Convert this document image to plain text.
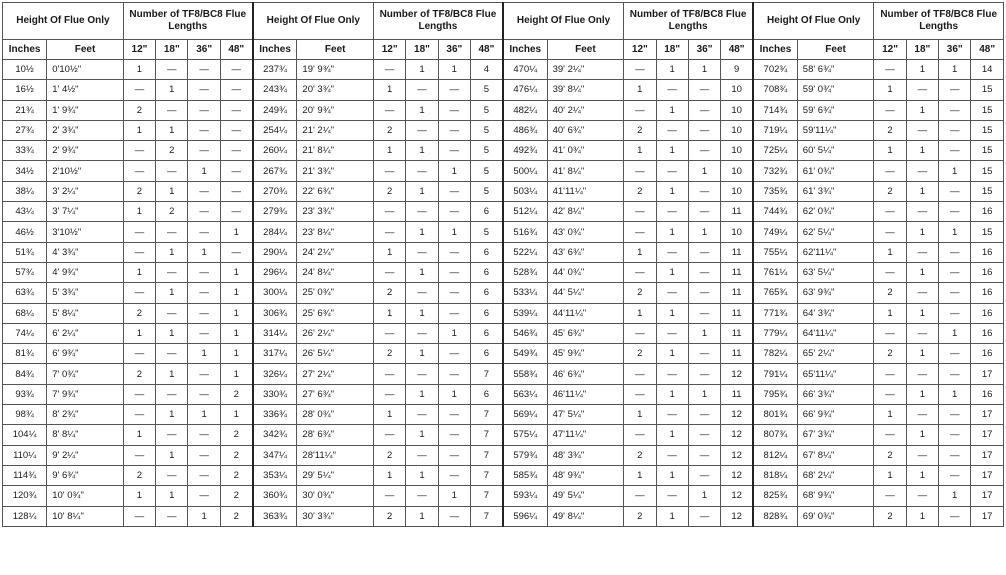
Height Of Flue Only		Number of TF8/BC8 Flue Lengths				Height Of Flue Only		Number of TF8/BC8 Flue Lengths				Height Of Flue Only		Number of TF8/BC8 Flue Lengths				Height Of Flue Only		Number of TF8/BC8 Flue Lengths			
Inches	Feet	12"	18"	36"	48"	Inches	Feet	12"	18"	36"	48"	Inches	Feet	12"	18"	36"	48"	Inches	Feet	12"	18"	36"	48"
10½	0'10½"	1	—	—	—	237¾	19' 9¾"	—	1	1	4	470¼	39' 2¼"	—	1	1	9	702¾	58' 6¾"	—	1	1	14
16½	1' 4½"	—	1	—	—	243¾	20' 3¾"	1	—	—	5	476¼	39' 8¼"	1	—	—	10	708¾	59' 0¾"	1	—	—	15
21¾	1' 9¾"	2	—	—	—	249¾	20' 9¾"	—	1	—	5	482¼	40' 2¼"	—	1	—	10	714¾	59' 6¾"	—	1	—	15
27¾	2' 3¾"	1	1	—	—	254¼	21' 2¼"	2	—	—	5	486¾	40' 6¾"	2	—	—	10	719¼	59'11¼"	2	—	—	15
33¾	2' 9¾"	—	2	—	—	260¼	21' 8¼"	1	1	—	5	492¾	41' 0¾"	1	1	—	10	725¼	60' 5¼"	1	1	—	15
34½	2'10½"	—	—	1	—	267¾	21' 3¾"	—	—	1	5	500¼	41' 8¼"	—	—	1	10	732¾	61' 0¾"	—	—	1	15
38¼	3' 2¼"	2	1	—	—	270¾	22' 6¾"	2	1	—	5	503¼	41'11¼"	2	1	—	10	735¾	61' 3¾"	2	1	—	15
43¼	3' 7¼"	1	2	—	—	279¾	23' 3¾"	—	—	—	6	512¼	42' 8¼"	—	—	—	11	744¾	62' 0¾"	—	—	—	16
46½	3'10½"	—	—	—	1	284¼	23' 8¼"	—	1	1	5	516¾	43' 0¾"	—	1	1	10	749¼	62' 5¼"	—	1	1	15
51¾	4' 3¾"	—	1	1	—	290¼	24' 2¼"	1	—	—	6	522¼	43' 6¾"	1	—	—	11	755¼	62'11¼"	1	—	—	16
57¾	4' 9¾"	1	—	—	1	296¼	24' 8¼"	—	1	—	6	528¾	44' 0¾"	—	1	—	11	761¼	63' 5¼"	—	1	—	16
63¾	5' 3¾"	—	1	—	1	300¼	25' 0¾"	2	—	—	6	533¼	44' 5¼"	2	—	—	11	765¾	63' 9¾"	2	—	—	16
68¼	5' 8¼"	2	—	—	1	306¾	25' 6¾"	1	1	—	6	539¼	44'11¼"	1	1	—	11	771¾	64' 3¾"	1	1	—	16
74¼	6' 2¼"	1	1	—	1	314¼	26' 2¼"	—	—	1	6	546¾	45' 6¾"	—	—	1	11	779¼	64'11¼"	—	—	1	16
81¾	6' 9¾"	—	—	1	1	317¼	26' 5¼"	2	1	—	6	549¾	45' 9¾"	2	1	—	11	782¼	65' 2¼"	2	1	—	16
84¾	7' 0¾"	2	1	—	1	326¼	27' 2¼"	—	—	—	7	558¾	46' 6¾"	—	—	—	12	791¼	65'11¼"	—	—	—	17
93¾	7' 9¾"	—	—	—	2	330¾	27' 6¾"	—	1	1	6	563¼	46'11¼"	—	1	1	11	795¾	66' 3¾"	—	1	1	16
98¾	8' 2¾"	—	1	1	1	336¾	28' 0¾"	1	—	—	7	569¼	47' 5¼"	1	—	—	12	801¾	66' 9¾"	1	—	—	17
104¼	8' 8¼"	1	—	—	2	342¾	28' 6¾"	—	1	—	7	575¼	47'11¼"	—	1	—	12	807¾	67' 3¾"	—	1	—	17
110¼	9' 2¼"	—	1	—	2	347¼	28'11¼"	2	—	—	7	579¾	48' 3¾"	2	—	—	12	812¼	67' 8¼"	2	—	—	17
114¾	9' 6¾"	2	—	—	2	353¼	29' 5¼"	1	1	—	7	585¾	48' 9¾"	1	1	—	12	818¼	68' 2¼"	1	1	—	17
120¾	10' 0¾"	1	1	—	2	360¾	30' 0¾"	—	—	1	7	593¼	49' 5¼"	—	—	1	12	825¾	68' 9¾"	—	—	1	17
128¼	10' 8¼"	—	—	1	2	363¾	30' 3¾"	2	1	—	7	596¼	49' 8¼"	2	1	—	12	828¾	69' 0¾"	2	1	—	17
